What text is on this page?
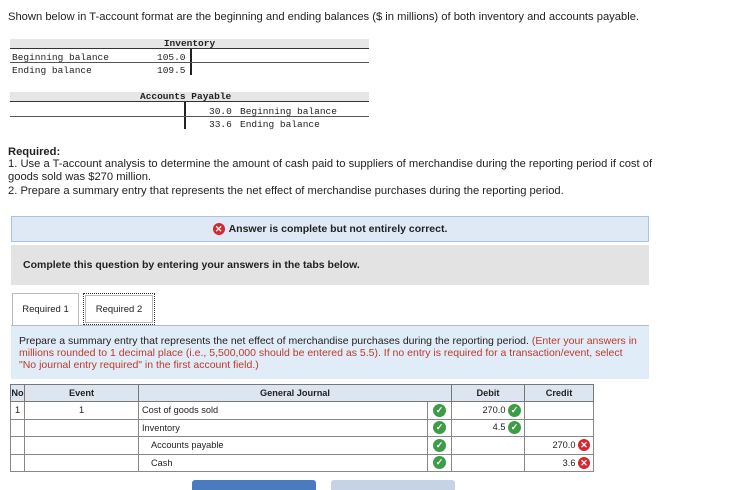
Shown below in T-account format are the beginning and ending balances ($ in millions) of both inventory and accounts payable.
Inventory
Beginning balance	105.0
Ending balance	109.5
Accounts Payable
30.0 Beginning balance
33.6 Ending balance
Required:
1. Use a T-account analysis to determine the amount of cash paid to suppliers of merchandise during the reporting period if cost of
goods sold was $270 million.
2. Prepare a summary entry that represents the net effect of merchandise purchases during the reporting period.
✕ Answer is complete but not entirely correct.
Complete this question by entering your answers in the tabs below.
Required 1	Required 2
Prepare a summary entry that represents the net effect of merchandise purchases during the reporting period. (Enter your answers in millions rounded to 1 decimal place (i.e., 5,500,000 should be entered as 5.5). If no entry is required for a transaction/event, select "No journal entry required" in the first account field.)
No	Event	General Journal		Debit	Credit
1	1	Cost of goods sold	✓	270.0 ✓	
		Inventory	✓	4.5 ✓	
		Accounts payable	✓		270.0 ✕
		Cash	✓		3.6 ✕
